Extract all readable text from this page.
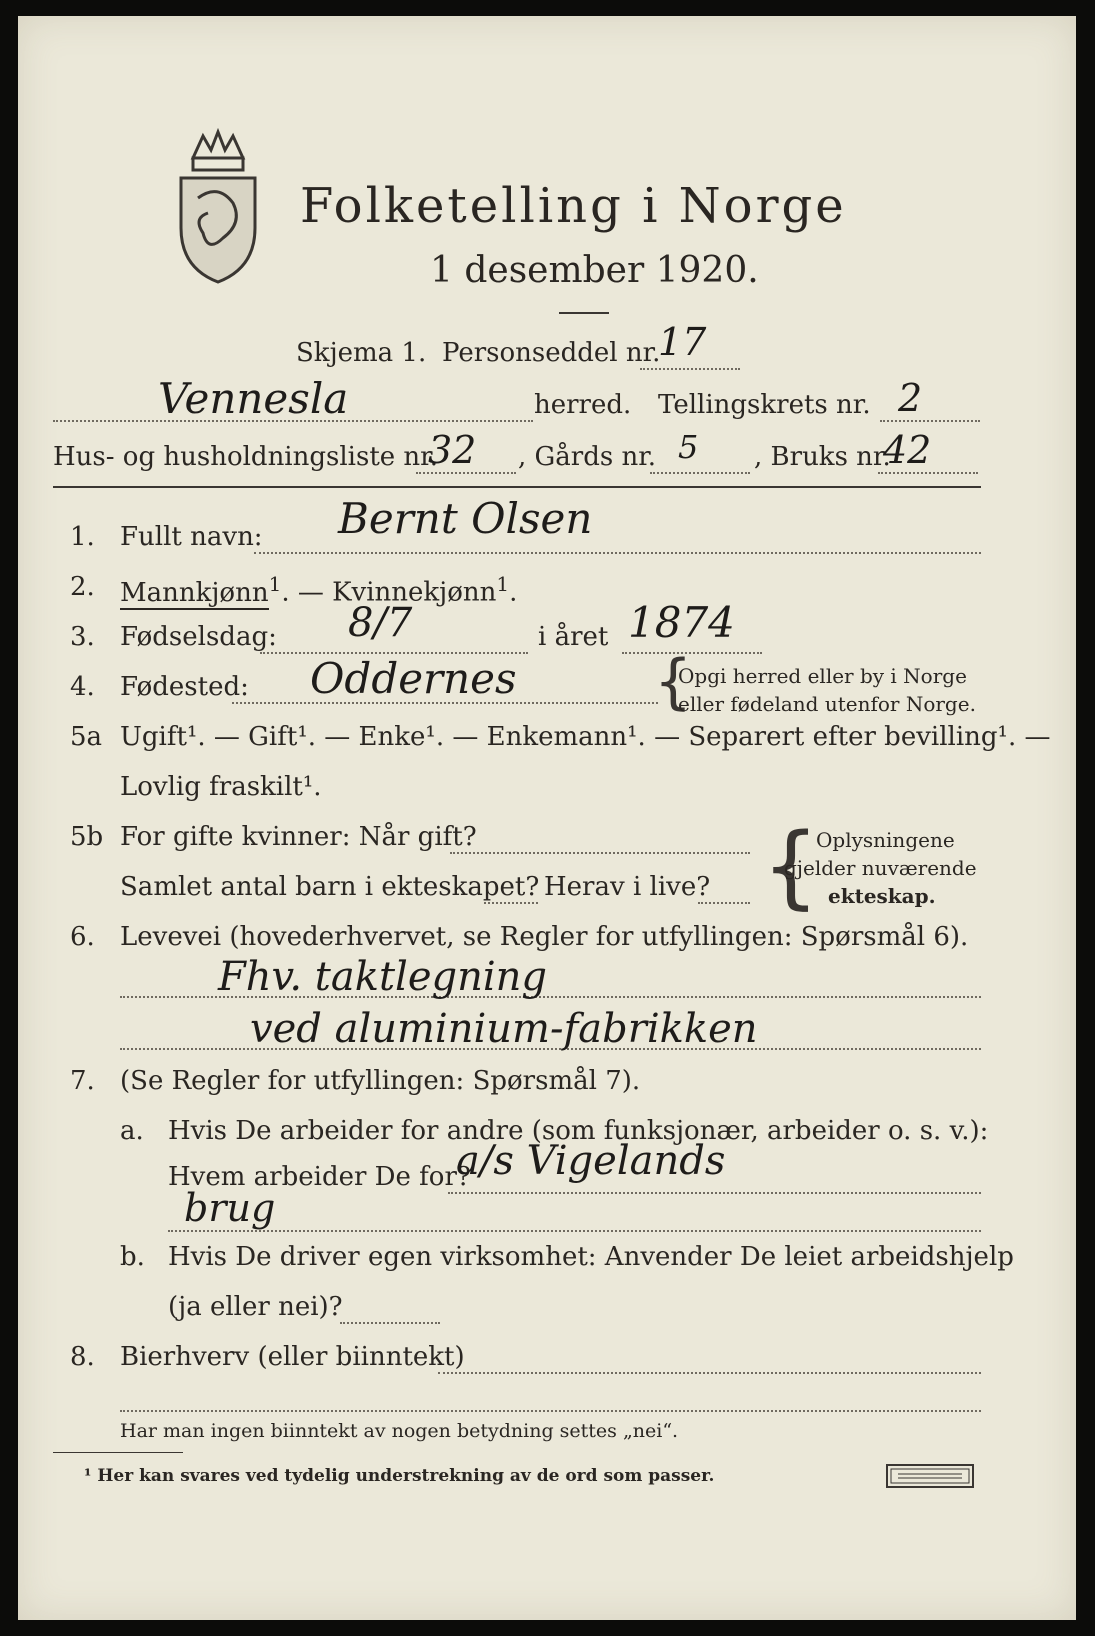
Folketelling i Norge
1 desember 1920.
Skjema 1. Personseddel nr.
17
Vennesla	herred. Tellingskrets nr. 2
Hus- og husholdningsliste nr.
32 , Gårds nr. 5 , Bruks nr.
42
1. Fullt navn: Bernt Olsen
2. Mannkjønn$^1$. — Kvinnekjønn$^1$.
3. Fødselsdag: 8/7	i året 1874
4. Fødested: Oddernes {
Opgi herred eller by i Norge
eller fødeland utenfor Norge.
5a Ugift¹. — Gift¹. — Enke¹. — Enkemann¹. — Separert efter bevilling¹. —
Lovlig fraskilt¹.
5b For gifte kvinner: Når gift?
Samlet antal barn i ekteskapet? Herav i live? {
Oplysningene
gjelder nuværende
ekteskap.
6. Levevei (hovederhvervet, se Regler for utfyllingen: Spørsmål 6).
Fhv. taktlegning
ved aluminium-fabrikken
7. (Se Regler for utfyllingen: Spørsmål 7).
a. Hvis De arbeider for andre (som funksjonær, arbeider o. s. v.):
Hvem arbeider De for?
a/s Vigelands
brug
b. Hvis De driver egen virksomhet: Anvender De leiet arbeidshjelp
(ja eller nei)?
8. Bierhverv (eller biinntekt)
Har man ingen biinntekt av nogen betydning settes „nei“.
¹ Her kan svares ved tydelig understrekning av de ord som passer.
